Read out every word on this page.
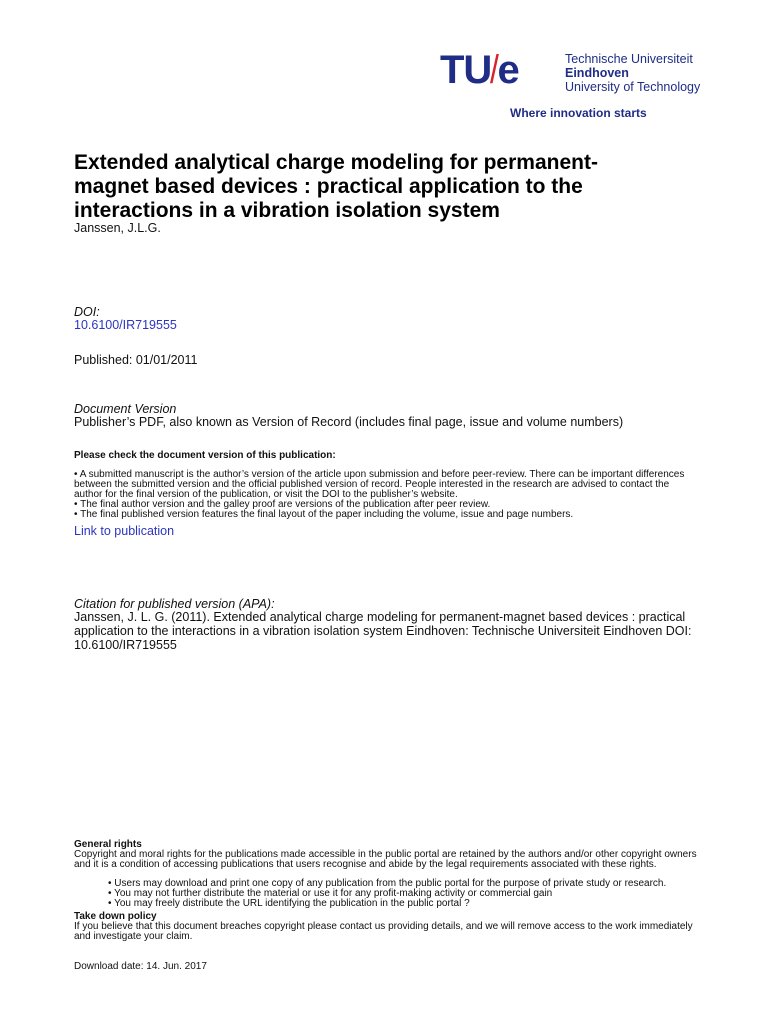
TU/e	Technische Universiteit
Eindhoven
University of Technology
Where innovation starts
Extended analytical charge modeling for permanent-
magnet based devices : practical application to the
interactions in a vibration isolation system
Janssen, J.L.G.
DOI:
10.6100/IR719555
Published: 01/01/2011
Document Version
Publisher’s PDF, also known as Version of Record (includes final page, issue and volume numbers)
Please check the document version of this publication:
• A submitted manuscript is the author’s version of the article upon submission and before peer-review. There can be important differences
between the submitted version and the official published version of record. People interested in the research are advised to contact the
author for the final version of the publication, or visit the DOI to the publisher’s website.
• The final author version and the galley proof are versions of the publication after peer review.
• The final published version features the final layout of the paper including the volume, issue and page numbers.
Link to publication
Citation for published version (APA):
Janssen, J. L. G. (2011). Extended analytical charge modeling for permanent-magnet based devices : practical
application to the interactions in a vibration isolation system Eindhoven: Technische Universiteit Eindhoven DOI:
10.6100/IR719555
General rights
Copyright and moral rights for the publications made accessible in the public portal are retained by the authors and/or other copyright owners
and it is a condition of accessing publications that users recognise and abide by the legal requirements associated with these rights.
• Users may download and print one copy of any publication from the public portal for the purpose of private study or research.
• You may not further distribute the material or use it for any profit-making activity or commercial gain
• You may freely distribute the URL identifying the publication in the public portal ?
Take down policy
If you believe that this document breaches copyright please contact us providing details, and we will remove access to the work immediately
and investigate your claim.
Download date: 14. Jun. 2017
